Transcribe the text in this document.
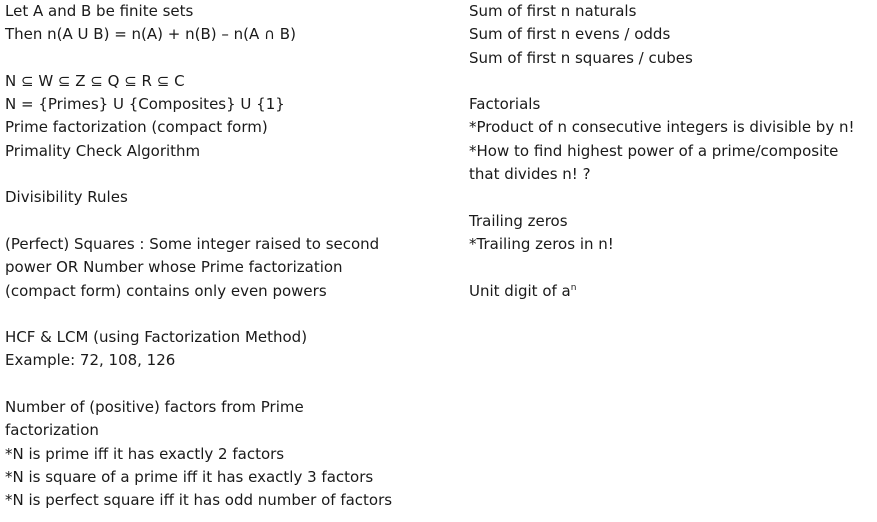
Let A and B be finite sets
Then n(A U B) = n(A) + n(B) – n(A ∩ B)
N ⊆ W ⊆ Z ⊆ Q ⊆ R ⊆ C
N = {Primes} U {Composites} U {1}
Prime factorization (compact form)
Primality Check Algorithm
Divisibility Rules
(Perfect) Squares : Some integer raised to second
power OR Number whose Prime factorization
(compact form) contains only even powers
HCF & LCM (using Factorization Method)
Example: 72, 108, 126
Number of (positive) factors from Prime
factorization
*N is prime iff it has exactly 2 factors
*N is square of a prime iff it has exactly 3 factors
*N is perfect square iff it has odd number of factors
Sum of first n naturals
Sum of first n evens / odds
Sum of first n squares / cubes
Factorials
*Product of n consecutive integers is divisible by n!
*How to find highest power of a prime/composite
that divides n! ?
Trailing zeros
*Trailing zeros in n!
Unit digit of $a^n$
